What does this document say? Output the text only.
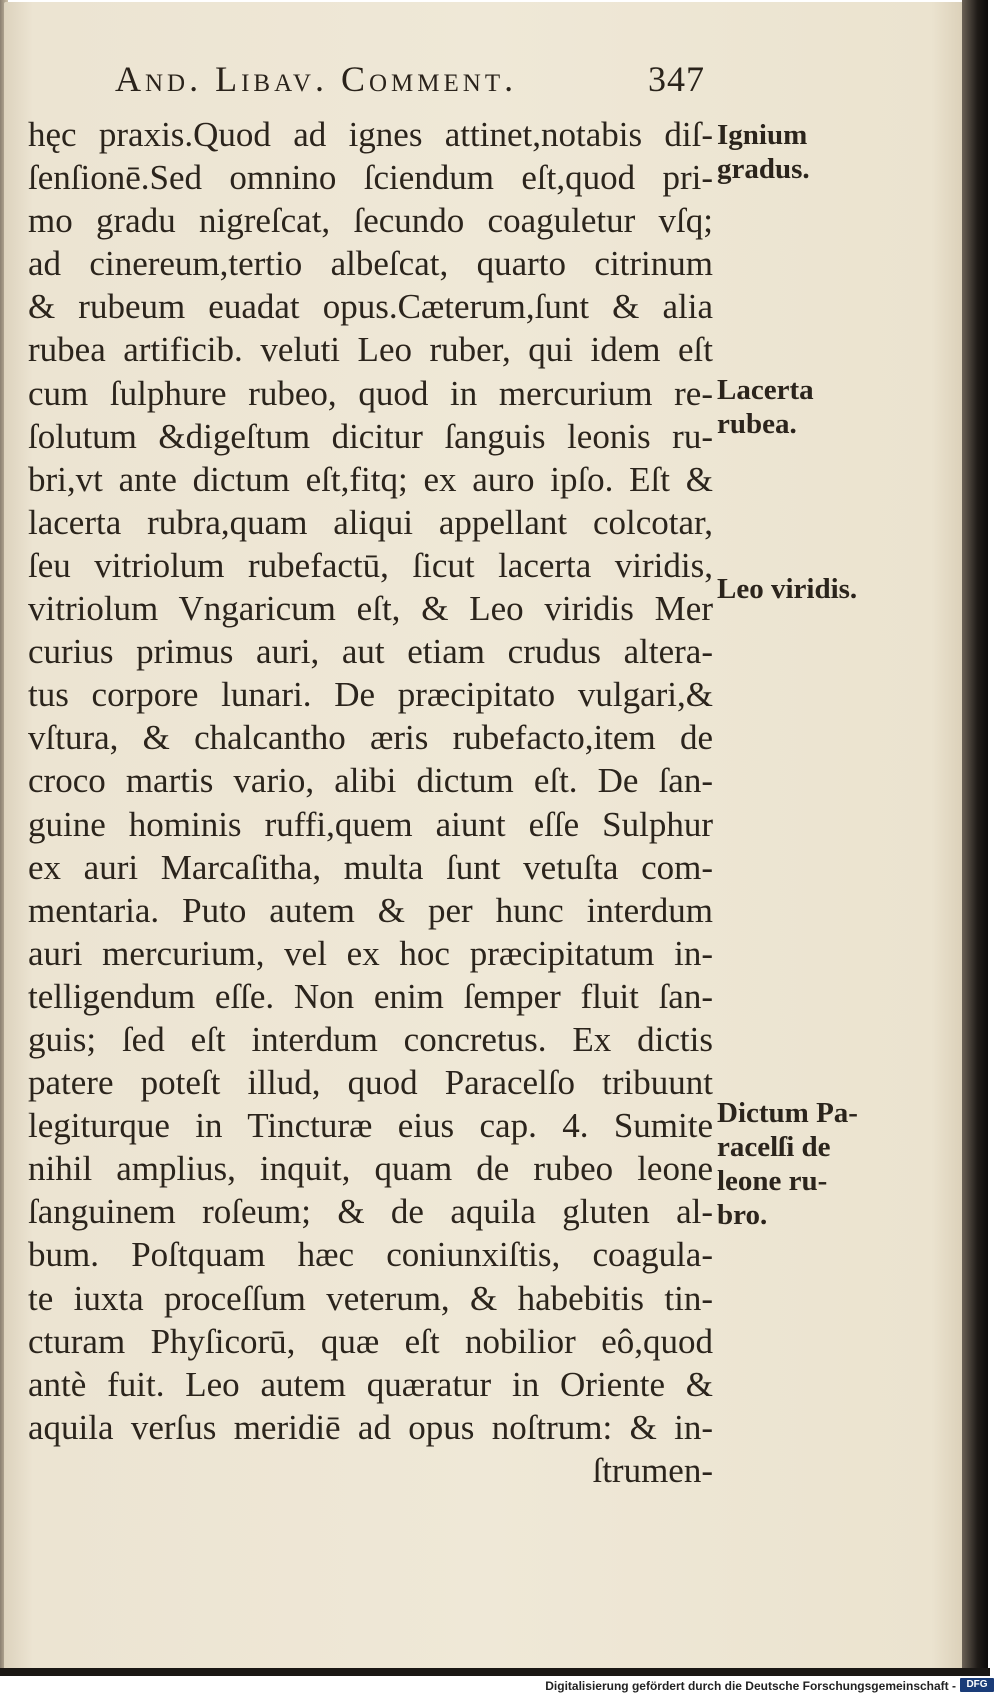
And. Libav. Comment.	347
hęc praxis.Quod ad ignes attinet,notabis diſ-
ſenſionē.Sed omnino ſciendum eſt,quod pri-
mo gradu nigreſcat, ſecundo coaguletur vſq;
ad cinereum,tertio albeſcat, quarto citrinum
& rubeum euadat opus.Cæterum,ſunt & alia
rubea artificib. veluti Leo ruber, qui idem eſt
cum ſulphure rubeo, quod in mercurium re-
ſolutum &digeſtum dicitur ſanguis leonis ru-
bri,vt ante dictum eſt,fitq; ex auro ipſo. Eſt &
lacerta rubra,quam aliqui appellant colcotar,
ſeu vitriolum rubefactū, ſicut lacerta viridis,
vitriolum Vngaricum eſt, & Leo viridis Mer
curius primus auri, aut etiam crudus altera-
tus corpore lunari. De præcipitato vulgari,&
vſtura, & chalcantho æris rubefacto,item de
croco martis vario, alibi dictum eſt. De ſan-
guine hominis ruffi,quem aiunt eſſe Sulphur
ex auri Marcaſitha, multa ſunt vetuſta com-
mentaria. Puto autem & per hunc interdum
auri mercurium, vel ex hoc præcipitatum in-
telligendum eſſe. Non enim ſemper fluit ſan-
guis; ſed eſt interdum concretus. Ex dictis
patere poteſt illud, quod Paracelſo tribuunt
legiturque in Tincturæ eius cap. 4. Sumite
nihil amplius, inquit, quam de rubeo leone
ſanguinem roſeum; & de aquila gluten al-
bum. Poſtquam hæc coniunxiſtis, coagula-
te iuxta proceſſum veterum, & habebitis tin-
cturam Phyſicorū, quæ eſt nobilior eô,quod
antè fuit. Leo autem quæratur in Oriente &
aquila verſus meridiē ad opus noſtrum: & in-
ſtrumen-
Ignium
gradus.
Lacerta
rubea.
Leo viridis.
Dictum Pa-
racelſi de
leone ru-
bro.
Digitalisierung gefördert durch die Deutsche Forschungsgemeinschaft -	DFG
